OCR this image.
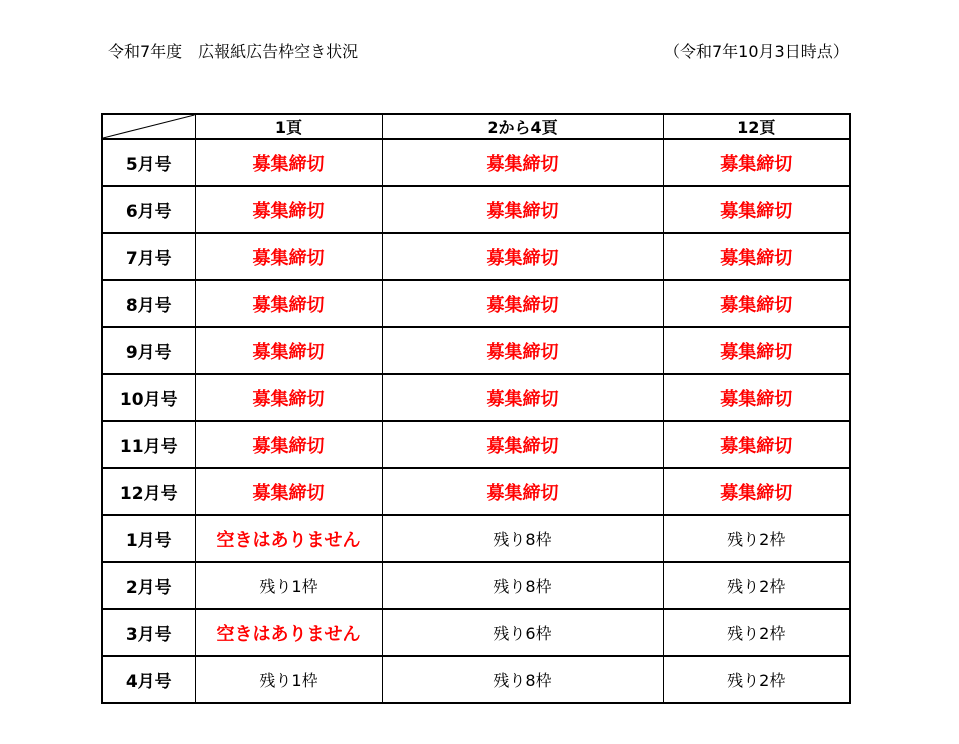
令和7年度　広報紙広告枠空き状況	（令和7年10月3日時点）
	1頁	2から4頁	12頁
5月号	募集締切	募集締切	募集締切
6月号	募集締切	募集締切	募集締切
7月号	募集締切	募集締切	募集締切
8月号	募集締切	募集締切	募集締切
9月号	募集締切	募集締切	募集締切
10月号	募集締切	募集締切	募集締切
11月号	募集締切	募集締切	募集締切
12月号	募集締切	募集締切	募集締切
1月号	空きはありません	残り8枠	残り2枠
2月号	残り1枠	残り8枠	残り2枠
3月号	空きはありません	残り6枠	残り2枠
4月号	残り1枠	残り8枠	残り2枠
